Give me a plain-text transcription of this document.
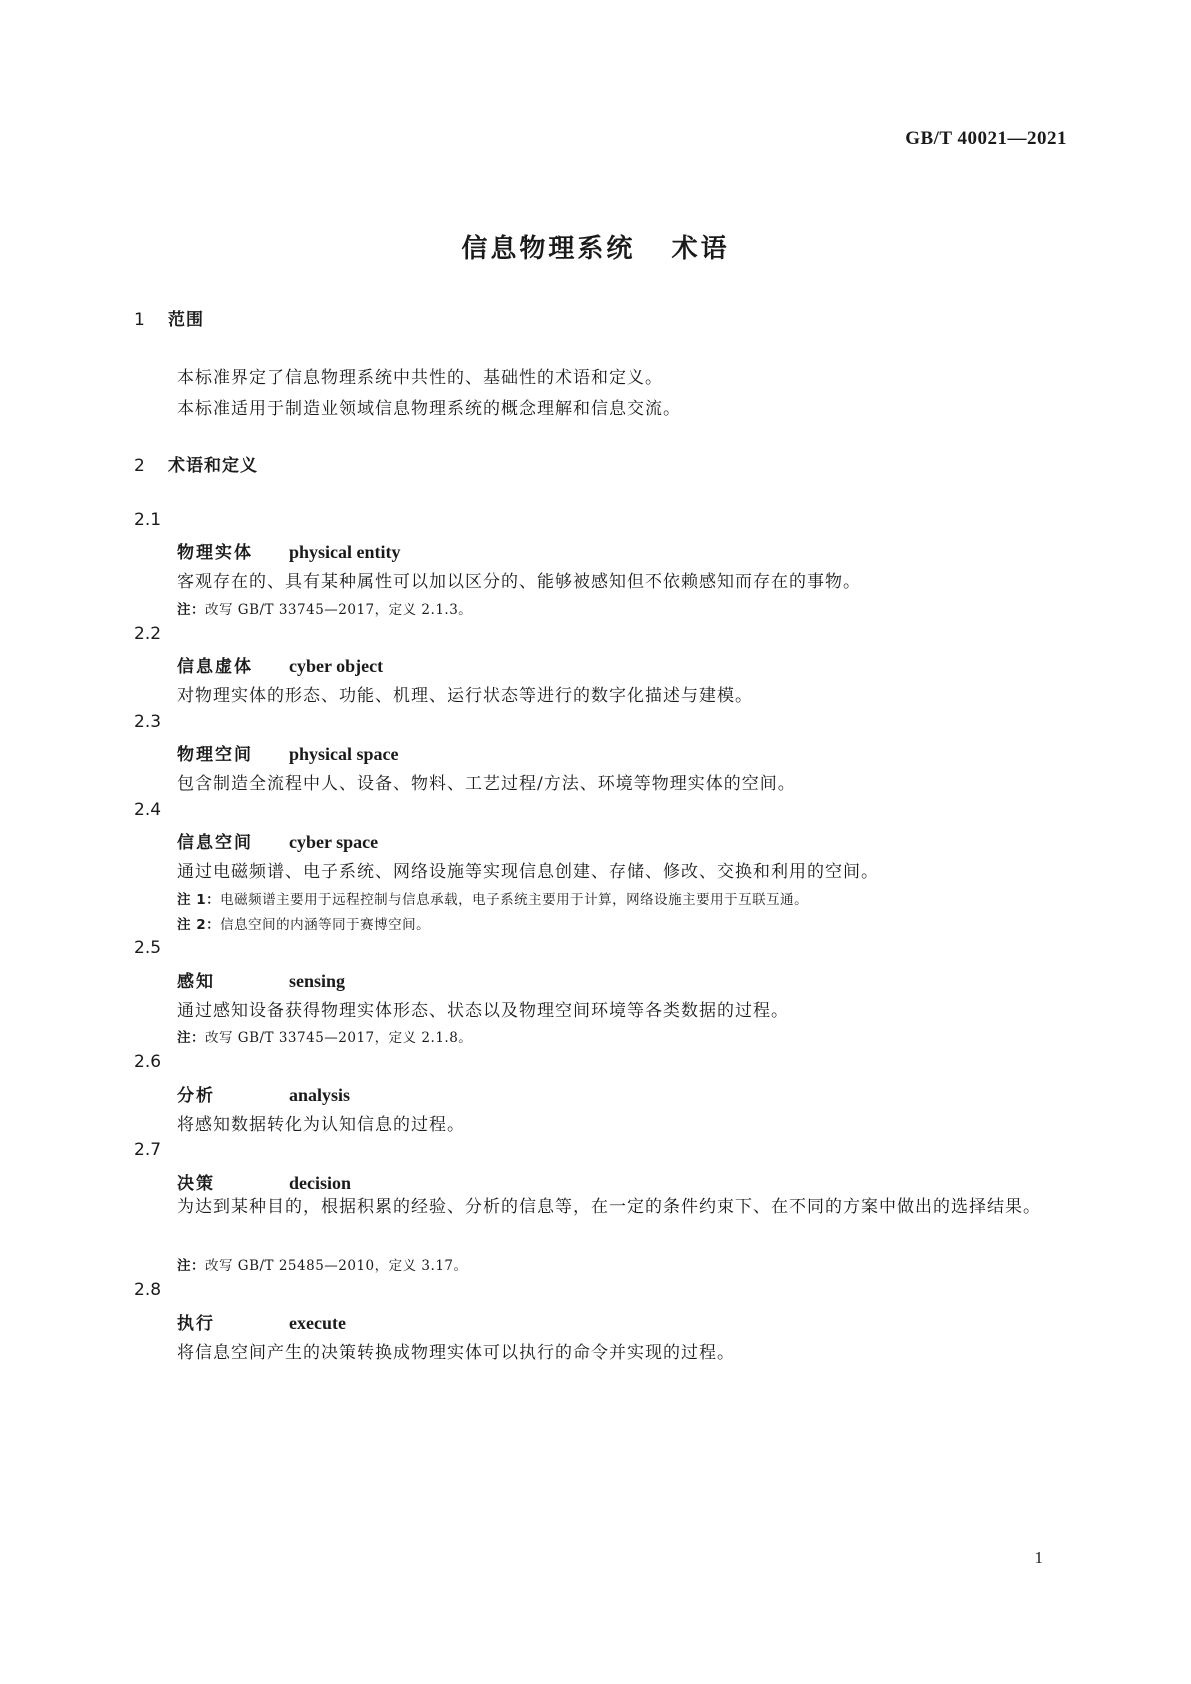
GB/T 40021—2021
信息物理系统   术语
1 范围
本标准界定了信息物理系统中共性的、基础性的术语和定义。
本标准适用于制造业领域信息物理系统的概念理解和信息交流。
2 术语和定义
2.1
物理实体 physical entity
客观存在的、具有某种属性可以加以区分的、能够被感知但不依赖感知而存在的事物。
注：改写 GB/T 33745—2017，定义 2.1.3。
2.2
信息虚体 cyber object
对物理实体的形态、功能、机理、运行状态等进行的数字化描述与建模。
2.3
物理空间 physical space
包含制造全流程中人、设备、物料、工艺过程/方法、环境等物理实体的空间。
2.4
信息空间 cyber space
通过电磁频谱、电子系统、网络设施等实现信息创建、存储、修改、交换和利用的空间。
注 1：电磁频谱主要用于远程控制与信息承载，电子系统主要用于计算，网络设施主要用于互联互通。
注 2：信息空间的内涵等同于赛博空间。
2.5
感知	sensing
通过感知设备获得物理实体形态、状态以及物理空间环境等各类数据的过程。
注：改写 GB/T 33745—2017，定义 2.1.8。
2.6
分析	analysis
将感知数据转化为认知信息的过程。
2.7
决策	decision
为达到某种目的，根据积累的经验、分析的信息等，在一定的条件约束下、在不同的方案中做出的选择结果。
注：改写 GB/T 25485—2010，定义 3.17。
2.8
执行	execute
将信息空间产生的决策转换成物理实体可以执行的命令并实现的过程。
1
